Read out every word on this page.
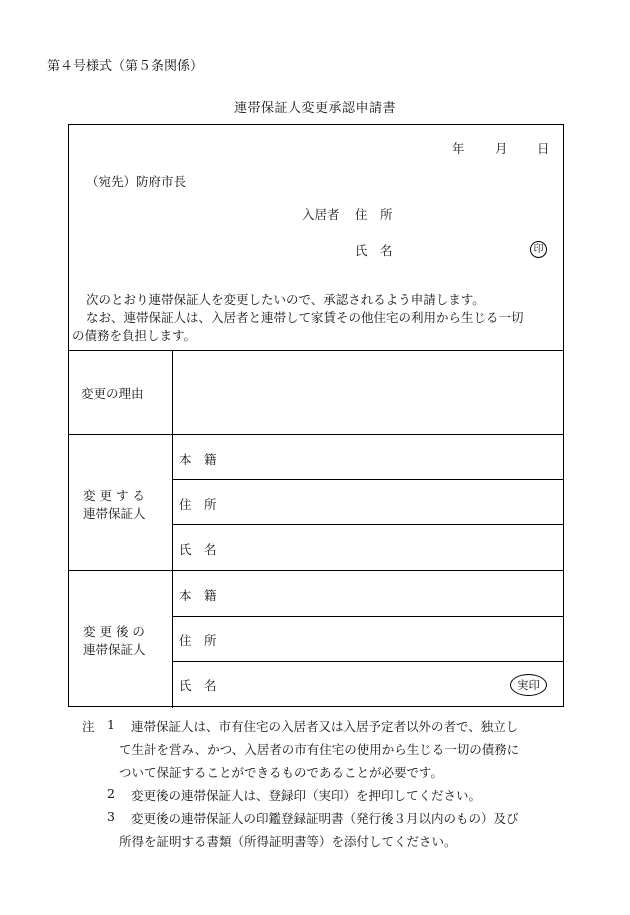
第４号様式（第５条関係）
連帯保証人変更承認申請書
年 月 日
（宛先）防府市長
入居者 住　所
氏　名	印
次のとおり連帯保証人を変更したいので、承認されるよう申請します。
なお、連帯保証人は、入居者と連帯して家賃その他住宅の利用から生じる一切
の債務を負担します。
変更の理由
変 更 す る
連帯保証人
本　籍
住　所
氏　名
変 更 後 の
連帯保証人
本　籍
住　所
氏　名	実印
注 1 連帯保証人は、市有住宅の入居者又は入居予定者以外の者で、独立し
て生計を営み、かつ、入居者の市有住宅の使用から生じる一切の債務に
ついて保証することができるものであることが必要です。
2 変更後の連帯保証人は、登録印（実印）を押印してください。
3 変更後の連帯保証人の印鑑登録証明書（発行後３月以内のもの）及び
所得を証明する書類（所得証明書等）を添付してください。
